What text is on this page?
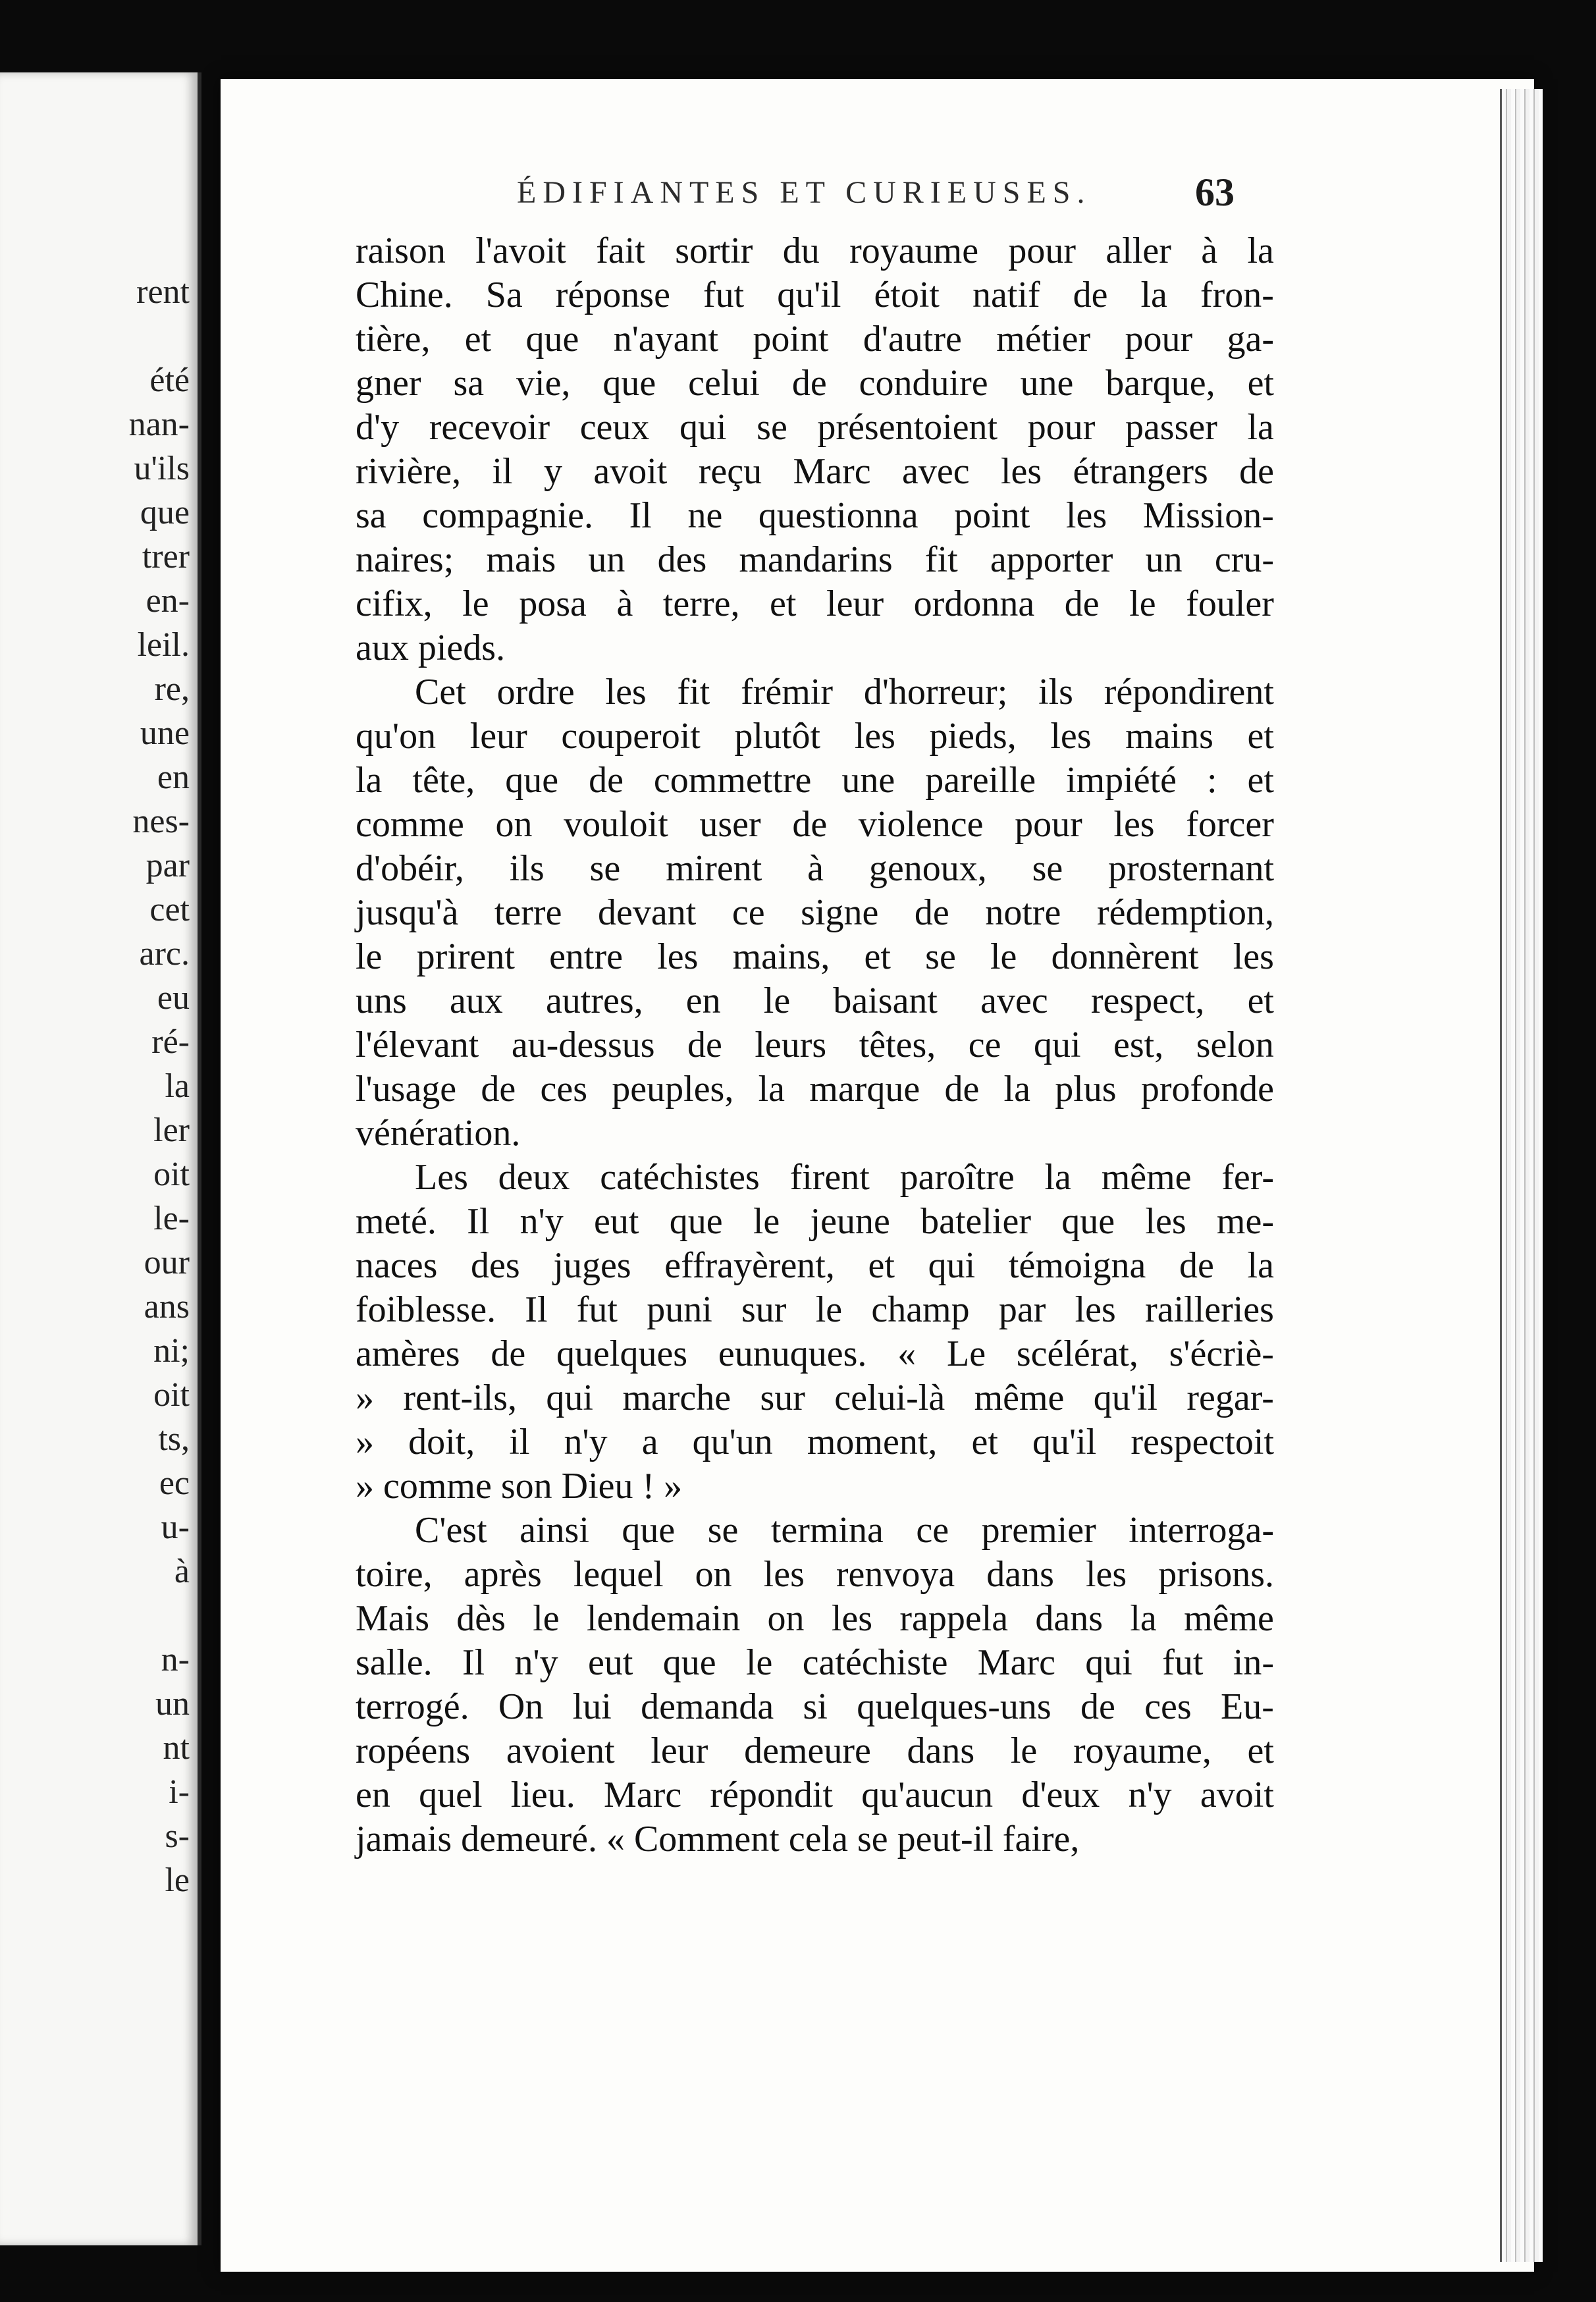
rent
été
nan-
u'ils
que
trer
en-
leil.
re,
une
en
nes-
par
cet
arc.
eu
ré-
la
ler
oit
le-
our
ans
ni;
oit
ts,
ec
u-
à
n-
un
nt
i-
s-
le
ÉDIFIANTES ET CURIEUSES.	63
raison l'avoit fait sortir du royaume pour aller à la
Chine. Sa réponse fut qu'il étoit natif de la fron-
tière, et que n'ayant point d'autre métier pour ga-
gner sa vie, que celui de conduire une barque, et
d'y recevoir ceux qui se présentoient pour passer la
rivière, il y avoit reçu Marc avec les étrangers de
sa compagnie. Il ne questionna point les Mission-
naires; mais un des mandarins fit apporter un cru-
cifix, le posa à terre, et leur ordonna de le fouler
aux pieds.
Cet ordre les fit frémir d'horreur; ils répondirent
qu'on leur couperoit plutôt les pieds, les mains et
la tête, que de commettre une pareille impiété : et
comme on vouloit user de violence pour les forcer
d'obéir, ils se mirent à genoux, se prosternant
jusqu'à terre devant ce signe de notre rédemption,
le prirent entre les mains, et se le donnèrent les
uns aux autres, en le baisant avec respect, et
l'élevant au-dessus de leurs têtes, ce qui est, selon
l'usage de ces peuples, la marque de la plus profonde
vénération.
Les deux catéchistes firent paroître la même fer-
meté. Il n'y eut que le jeune batelier que les me-
naces des juges effrayèrent, et qui témoigna de la
foiblesse. Il fut puni sur le champ par les railleries
amères de quelques eunuques. « Le scélérat, s'écriè-
» rent-ils, qui marche sur celui-là même qu'il regar-
» doit, il n'y a qu'un moment, et qu'il respectoit
» comme son Dieu ! »
C'est ainsi que se termina ce premier interroga-
toire, après lequel on les renvoya dans les prisons.
Mais dès le lendemain on les rappela dans la même
salle. Il n'y eut que le catéchiste Marc qui fut in-
terrogé. On lui demanda si quelques-uns de ces Eu-
ropéens avoient leur demeure dans le royaume, et
en quel lieu. Marc répondit qu'aucun d'eux n'y avoit
jamais demeuré. « Comment cela se peut-il faire,
